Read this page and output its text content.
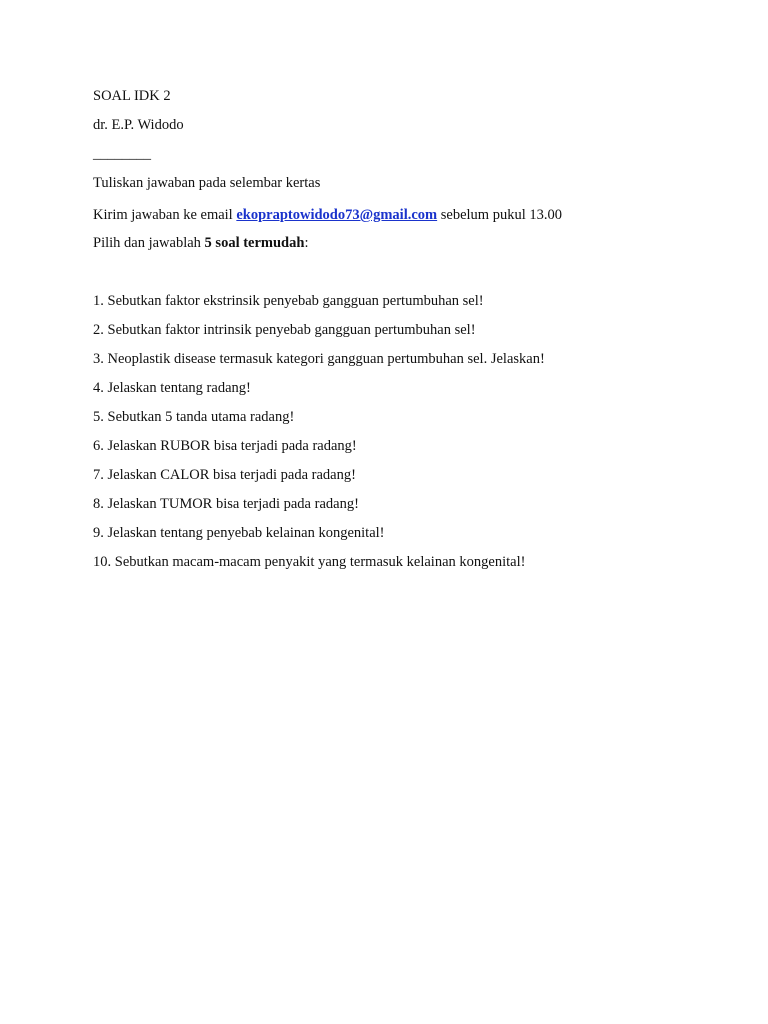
SOAL IDK 2
dr. E.P. Widodo
________
Tuliskan jawaban pada selembar kertas
Kirim jawaban ke email ekopraptowidodo73@gmail.com sebelum pukul 13.00
Pilih dan jawablah 5 soal termudah:
1. Sebutkan faktor ekstrinsik penyebab gangguan pertumbuhan sel!
2. Sebutkan faktor intrinsik penyebab gangguan pertumbuhan sel!
3. Neoplastik disease termasuk kategori gangguan pertumbuhan sel. Jelaskan!
4. Jelaskan tentang radang!
5. Sebutkan 5 tanda utama radang!
6. Jelaskan RUBOR bisa terjadi pada radang!
7. Jelaskan CALOR bisa terjadi pada radang!
8. Jelaskan TUMOR bisa terjadi pada radang!
9. Jelaskan tentang penyebab kelainan kongenital!
10. Sebutkan macam-macam penyakit yang termasuk kelainan kongenital!
